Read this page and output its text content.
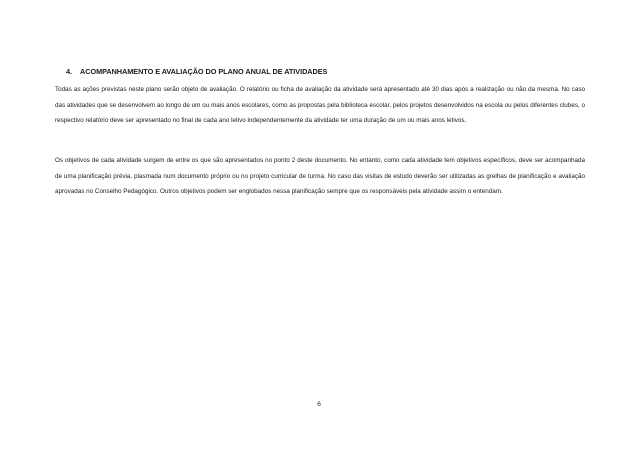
4. ACOMPANHAMENTO E AVALIAÇÃO DO PLANO ANUAL DE ATIVIDADES

Todas as ações previstas neste plano serão objeto de avaliação. O relatório ou ficha de avaliação da atividade será apresentado até 30 dias após a realização ou não da mesma. No caso das atividades que se desenvolvem ao longo de um ou mais anos escolares, como as propostas pela biblioteca escolar, pelos projetos desenvolvidos na escola ou pelos diferentes clubes, o respectivo relatório deve ser apresentado no final de cada ano letivo independentemente da atividade ter uma duração de um ou mais anos letivos.

Os objetivos de cada atividade surgem de entre os que são apresentados no ponto 2 deste documento. No entanto, como cada atividade tem objetivos específicos, deve ser acompanhada de uma planificação prévia, plasmada num documento próprio ou no projeto curricular de turma. No caso das visitas de estudo deverão ser utilizadas as grelhas de planificação e avaliação aprovadas no Conselho Pedagógico. Outros objetivos podem ser englobados nessa planificação sempre que os responsáveis pela atividade assim o entendam.

6
